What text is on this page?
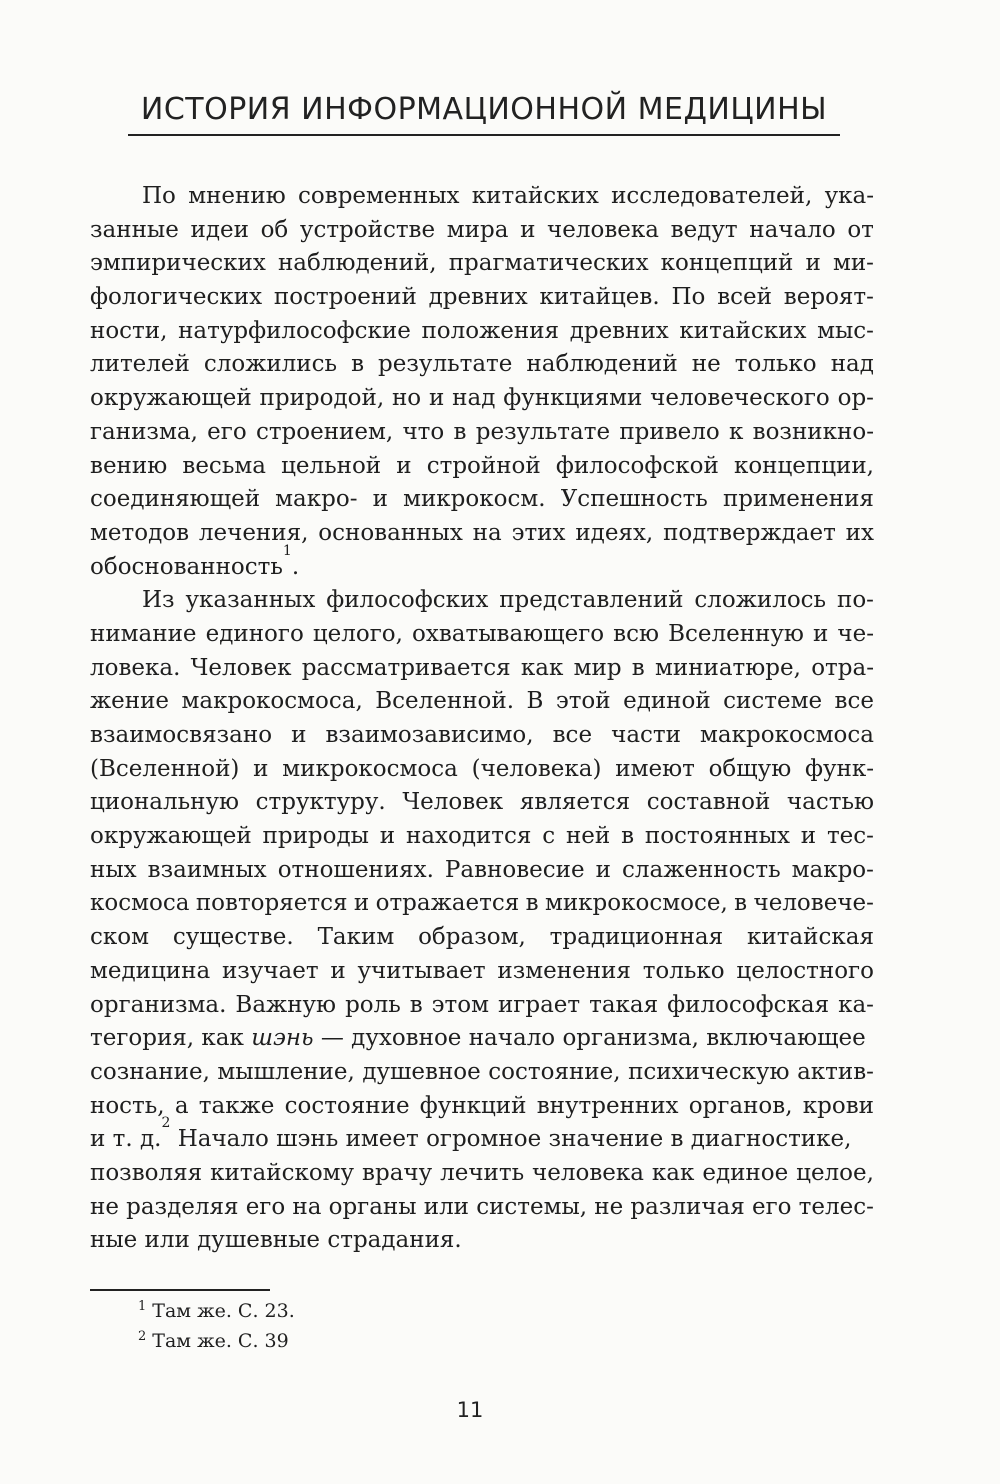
ИСТОРИЯ ИНФОРМАЦИОННОЙ МЕДИЦИНЫ
По мнению современных китайских исследователей, ука-
занные идеи об устройстве мира и человека ведут начало от
эмпирических наблюдений, прагматических концепций и ми-
фологических построений древних китайцев. По всей вероят-
ности, натурфилософские положения древних китайских мыс-
лителей сложились в результате наблюдений не только над
окружающей природой, но и над функциями человеческого ор-
ганизма, его строением, что в результате привело к возникно-
вению весьма цельной и стройной философской концепции,
соединяющей макро- и микрокосм. Успешность применения
методов лечения, основанных на этих идеях, подтверждает их
обоснованность
1
.
Из указанных философских представлений сложилось по-
нимание единого целого, охватывающего всю Вселенную и че-
ловека. Человек рассматривается как мир в миниатюре, отра-
жение макрокосмоса, Вселенной. В этой единой системе все
взаимосвязано и взаимозависимо, все части макрокосмоса
(Вселенной) и микрокосмоса (человека) имеют общую функ-
циональную структуру. Человек является составной частью
окружающей природы и находится с ней в постоянных и тес-
ных взаимных отношениях. Равновесие и слаженность макро-
космоса повторяется и отражается в микрокосмосе, в человече-
ском существе. Таким образом, традиционная китайская
медицина изучает и учитывает изменения только целостного
организма. Важную роль в этом играет такая философская ка-
тегория, как шэнь — духовное начало организма, включающее
сознание, мышление, душевное состояние, психическую актив-
ность, а также состояние функций внутренних органов, крови
и т. д.
2
Начало шэнь имеет огромное значение в диагностике,
позволяя китайскому врачу лечить человека как единое целое,
не разделяя его на органы или системы, не различая его телес-
ные или душевные страдания.
$^1$ Там же. С. 23.
$^2$ Там же. С. 39
11
